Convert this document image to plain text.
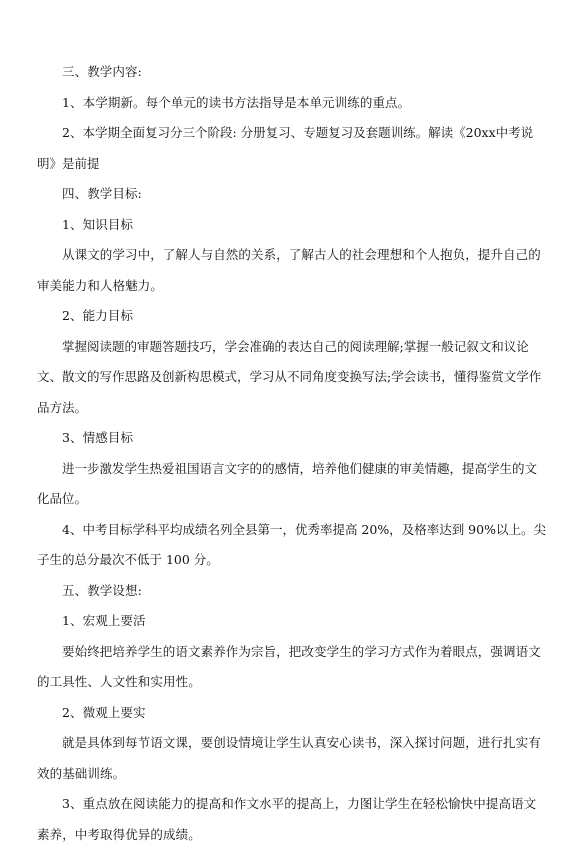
三、教学内容:

1、本学期新。每个单元的读书方法指导是本单元训练的重点。

2、本学期全面复习分三个阶段: 分册复习、专题复习及套题训练。解读《20xx中考说明》是前提

四、教学目标:

1、知识目标

从课文的学习中，了解人与自然的关系，了解古人的社会理想和个人抱负，提升自己的审美能力和人格魅力。

2、能力目标

掌握阅读题的审题答题技巧，学会准确的表达自己的阅读理解;掌握一般记叙文和议论文、散文的写作思路及创新构思模式，学习从不同角度变换写法;学会读书，懂得鉴赏文学作品方法。

3、情感目标

进一步激发学生热爱祖国语言文字的的感情，培养他们健康的审美情趣，提高学生的文化品位。

4、中考目标学科平均成绩名列全县第一，优秀率提高 20%，及格率达到 90%以上。尖子生的总分最次不低于 100 分。

五、教学设想:

1、宏观上要活

要始终把培养学生的语文素养作为宗旨，把改变学生的学习方式作为着眼点，强调语文的工具性、人文性和实用性。

2、微观上要实

就是具体到每节语文课，要创设情境让学生认真安心读书，深入探讨问题，进行扎实有效的基础训练。

3、重点放在阅读能力的提高和作文水平的提高上，力图让学生在轻松愉快中提高语文素养，中考取得优异的成绩。
